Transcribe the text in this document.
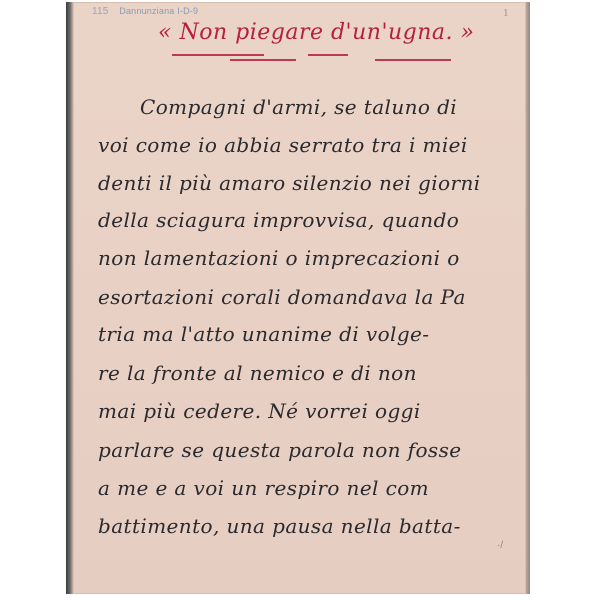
115 Dannunziana I-D-9	1
« Non piegare d'un'ugna. »
Compagni d'armi, se taluno di
voi come io abbia serrato tra i miei
denti il più amaro silenzio nei giorni
della sciagura improvvisa, quando
non lamentazioni o imprecazioni o
esortazioni corali domandava la Pa
tria ma l'atto unanime di volge-
re la fronte al nemico e di non
mai più cedere. Né vorrei oggi
parlare se questa parola non fosse
a me e a voi un respiro nel com
battimento, una pausa nella batta-
·/
